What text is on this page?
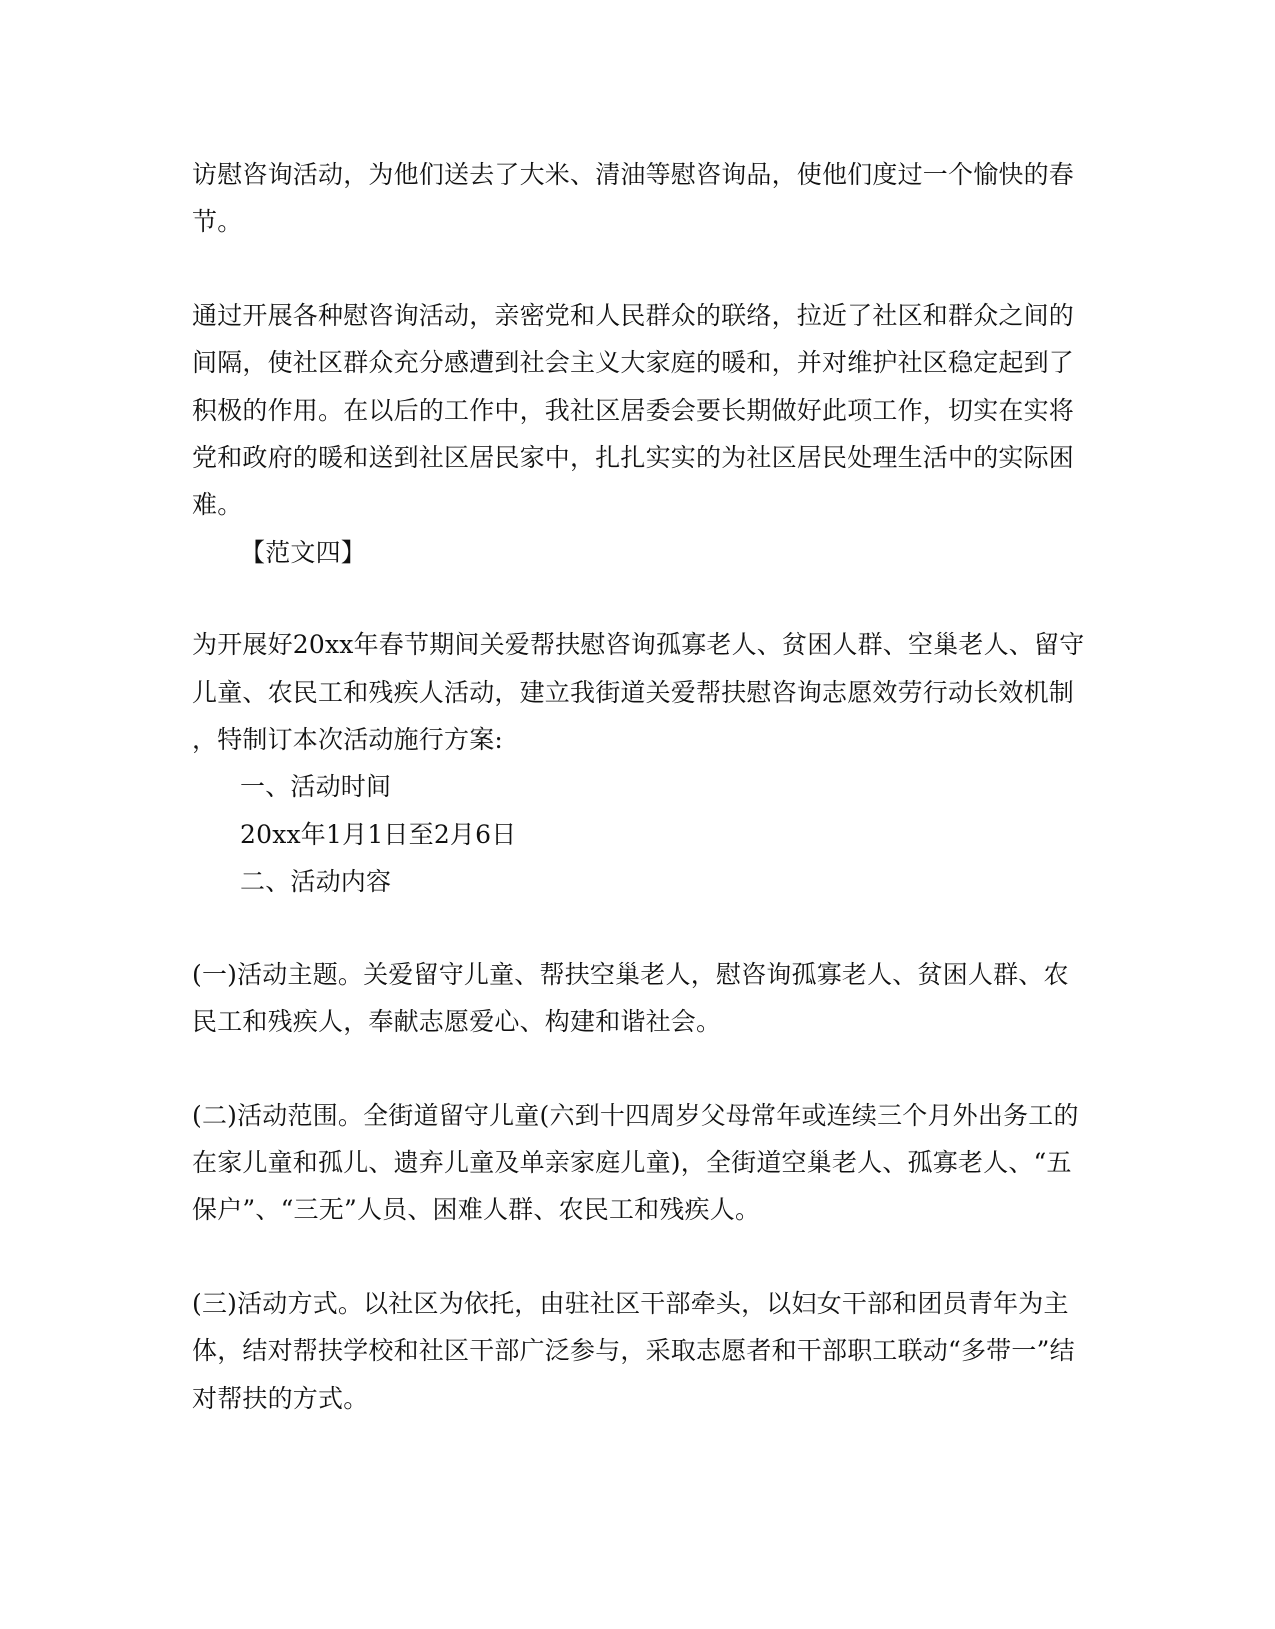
访慰咨询活动，为他们送去了大米、清油等慰咨询品，使他们度过一个愉快的春
节。
通过开展各种慰咨询活动，亲密党和人民群众的联络，拉近了社区和群众之间的
间隔，使社区群众充分感遭到社会主义大家庭的暖和，并对维护社区稳定起到了
积极的作用。在以后的工作中，我社区居委会要长期做好此项工作，切实在实将
党和政府的暖和送到社区居民家中，扎扎实实的为社区居民处理生活中的实际困
难。
【范文四】
为开展好20xx年春节期间关爱帮扶慰咨询孤寡老人、贫困人群、空巢老人、留守
儿童、农民工和残疾人活动，建立我街道关爱帮扶慰咨询志愿效劳行动长效机制
，特制订本次活动施行方案:
一、活动时间
20xx年1月1日至2月6日
二、活动内容
(一)活动主题。关爱留守儿童、帮扶空巢老人，慰咨询孤寡老人、贫困人群、农
民工和残疾人，奉献志愿爱心、构建和谐社会。
(二)活动范围。全街道留守儿童(六到十四周岁父母常年或连续三个月外出务工的
在家儿童和孤儿、遗弃儿童及单亲家庭儿童)，全街道空巢老人、孤寡老人、“五
保户”、“三无”人员、困难人群、农民工和残疾人。
(三)活动方式。以社区为依托，由驻社区干部牵头，以妇女干部和团员青年为主
体，结对帮扶学校和社区干部广泛参与，采取志愿者和干部职工联动“多带一”结
对帮扶的方式。
